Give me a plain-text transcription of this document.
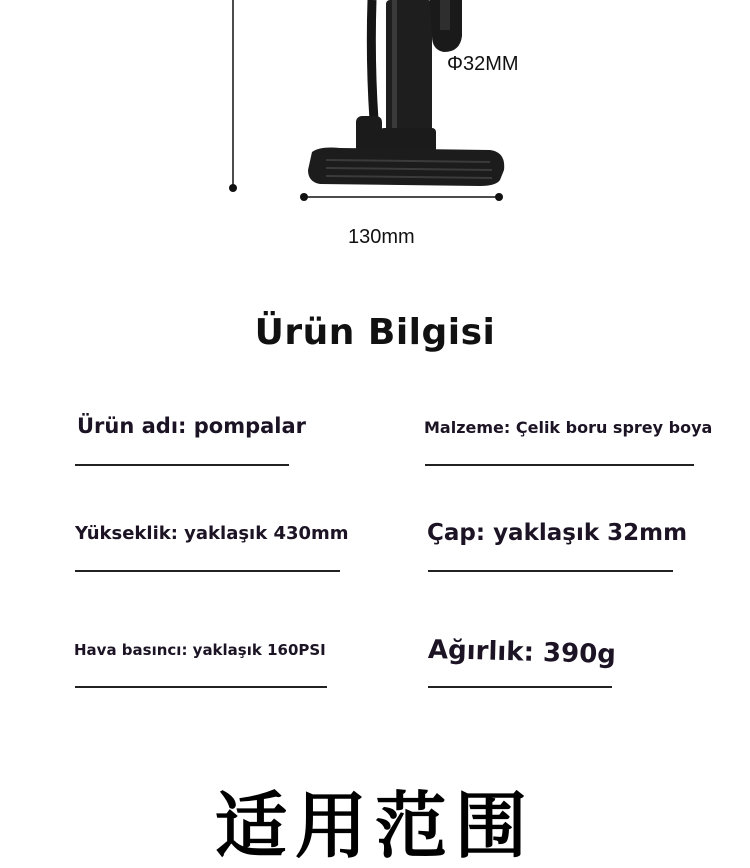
Φ32MM
130mm
Ürün Bilgisi
Ürün adı: pompalar	Malzeme: Çelik boru sprey boya
Yükseklik: yaklaşık 430mm	Çap: yaklaşık 32mm
Hava basıncı: yaklaşık 160PSI	Ağırlık: 390g
适用范围
